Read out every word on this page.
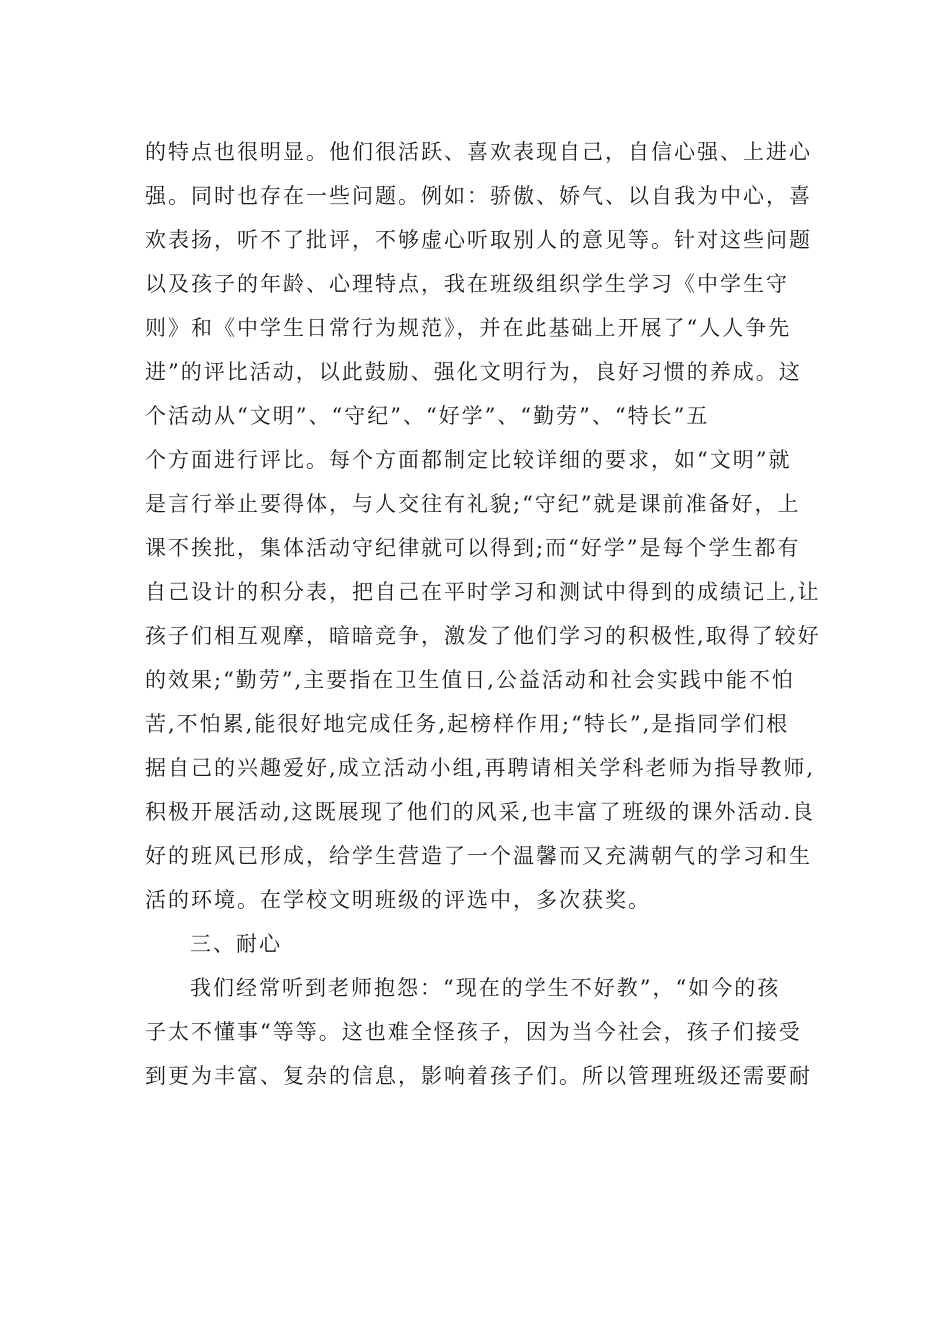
的特点也很明显。他们很活跃、喜欢表现自己，自信心强、上进心
强。同时也存在一些问题。例如：骄傲、娇气、以自我为中心，喜
欢表扬，听不了批评，不够虚心听取别人的意见等。针对这些问题
以及孩子的年龄、心理特点，我在班级组织学生学习《中学生守
则》和《中学生日常行为规范》，并在此基础上开展了“人人争先
进”的评比活动，以此鼓励、强化文明行为，良好习惯的养成。这
个活动从“文明”、“守纪”、“好学”、“勤劳”、“特长”五
个方面进行评比。每个方面都制定比较详细的要求，如“文明”就
是言行举止要得体，与人交往有礼貌;“守纪”就是课前准备好，上
课不挨批，集体活动守纪律就可以得到;而“好学”是每个学生都有
自己设计的积分表，把自己在平时学习和测试中得到的成绩记上,让
孩子们相互观摩，暗暗竞争，激发了他们学习的积极性,取得了较好
的效果;“勤劳”,主要指在卫生值日,公益活动和社会实践中能不怕
苦,不怕累,能很好地完成任务,起榜样作用;“特长”,是指同学们根
据自己的兴趣爱好,成立活动小组,再聘请相关学科老师为指导教师,
积极开展活动,这既展现了他们的风采,也丰富了班级的课外活动.良
好的班风已形成，给学生营造了一个温馨而又充满朝气的学习和生
活的环境。在学校文明班级的评选中，多次获奖。
三、耐心
我们经常听到老师抱怨：“现在的学生不好教”，“如今的孩
子太不懂事“等等。这也难全怪孩子，因为当今社会，孩子们接受
到更为丰富、复杂的信息，影响着孩子们。所以管理班级还需要耐
